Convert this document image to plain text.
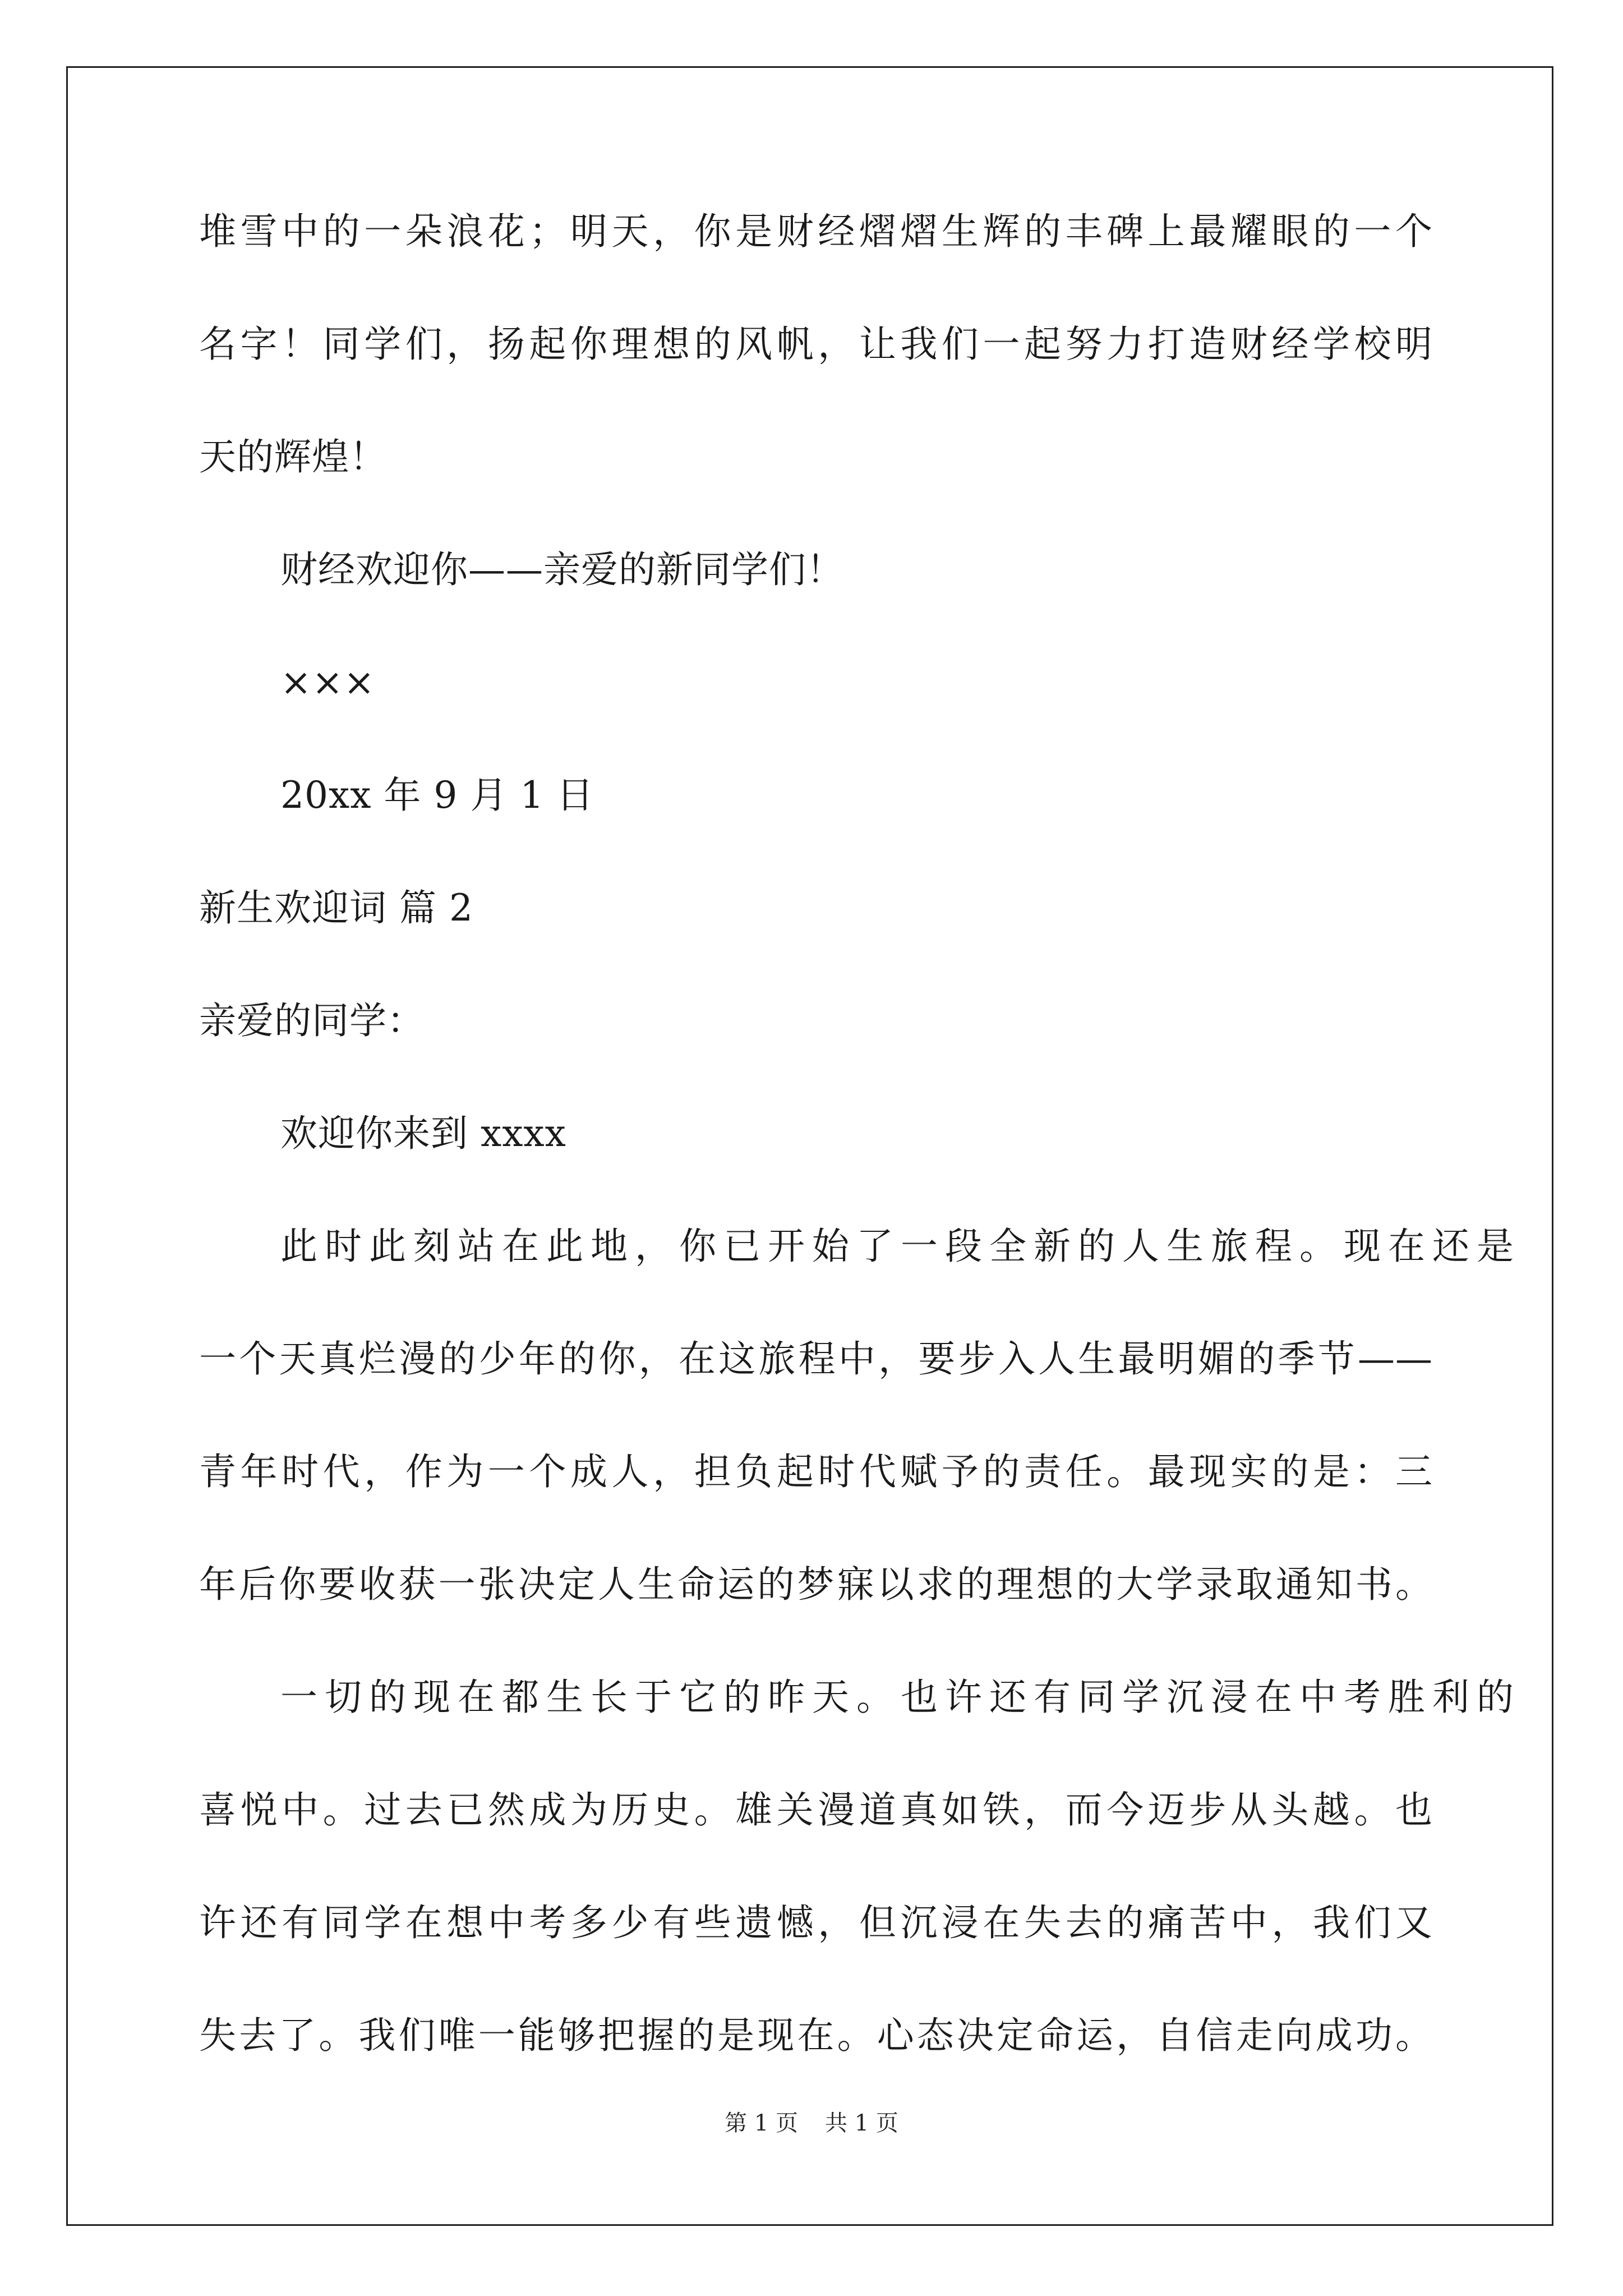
堆雪中的一朵浪花；明天，你是财经熠熠生辉的丰碑上最耀眼的一个
名字！同学们，扬起你理想的风帆，让我们一起努力打造财经学校明
天的辉煌！
财经欢迎你——亲爱的新同学们！
×××
20xx 年 9 月 1 日
新生欢迎词 篇 2
亲爱的同学：
欢迎你来到 xxxx
此时此刻站在此地，你已开始了一段全新的人生旅程。现在还是
一个天真烂漫的少年的你，在这旅程中，要步入人生最明媚的季节——
青年时代，作为一个成人，担负起时代赋予的责任。最现实的是：三
年后你要收获一张决定人生命运的梦寐以求的理想的大学录取通知书。
一切的现在都生长于它的昨天。也许还有同学沉浸在中考胜利的
喜悦中。过去已然成为历史。雄关漫道真如铁，而今迈步从头越。也
许还有同学在想中考多少有些遗憾，但沉浸在失去的痛苦中，我们又
失去了。我们唯一能够把握的是现在。心态决定命运，自信走向成功。
第 1 页 共 1 页
